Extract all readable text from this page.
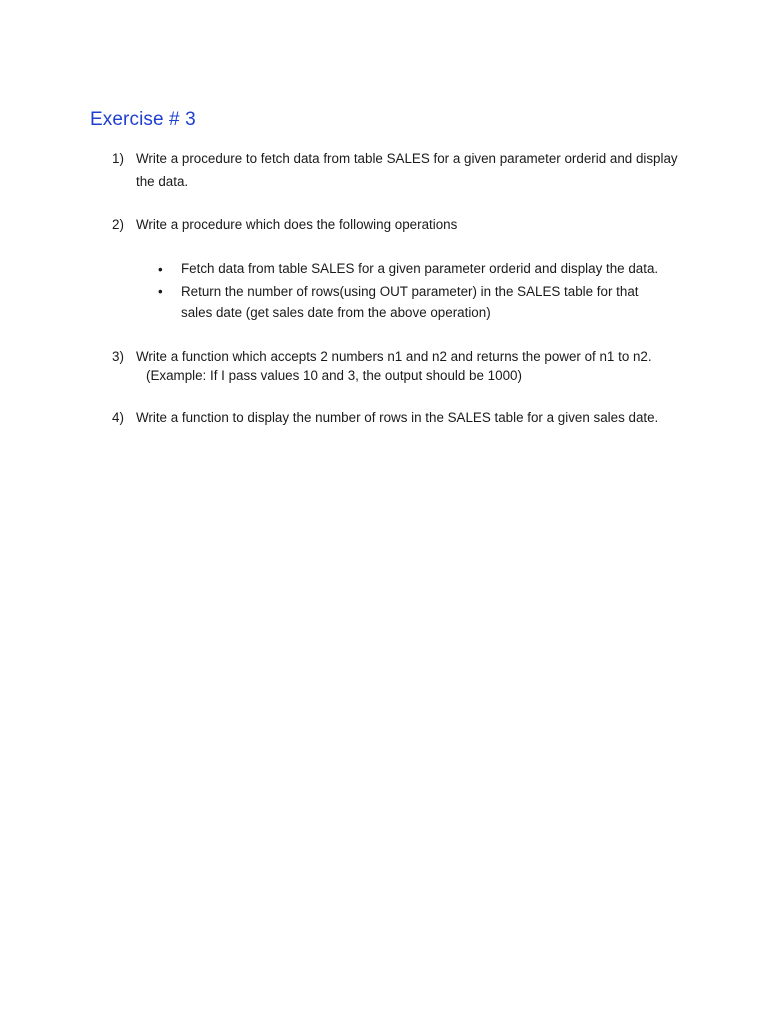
Exercise # 3
1) Write a procedure to fetch data from table SALES for a given parameter orderid and display the data.
2) Write a procedure which does the following operations
• Fetch data from table SALES for a given parameter orderid and display the data.
• Return the number of rows(using OUT parameter) in the SALES table for that sales date (get sales date from the above operation)
3) Write a function which accepts 2 numbers n1 and n2 and returns the power of n1 to n2.
(Example: If I pass values 10 and 3, the output should be 1000)
4) Write a function to display the number of rows in the SALES table for a given sales date.
